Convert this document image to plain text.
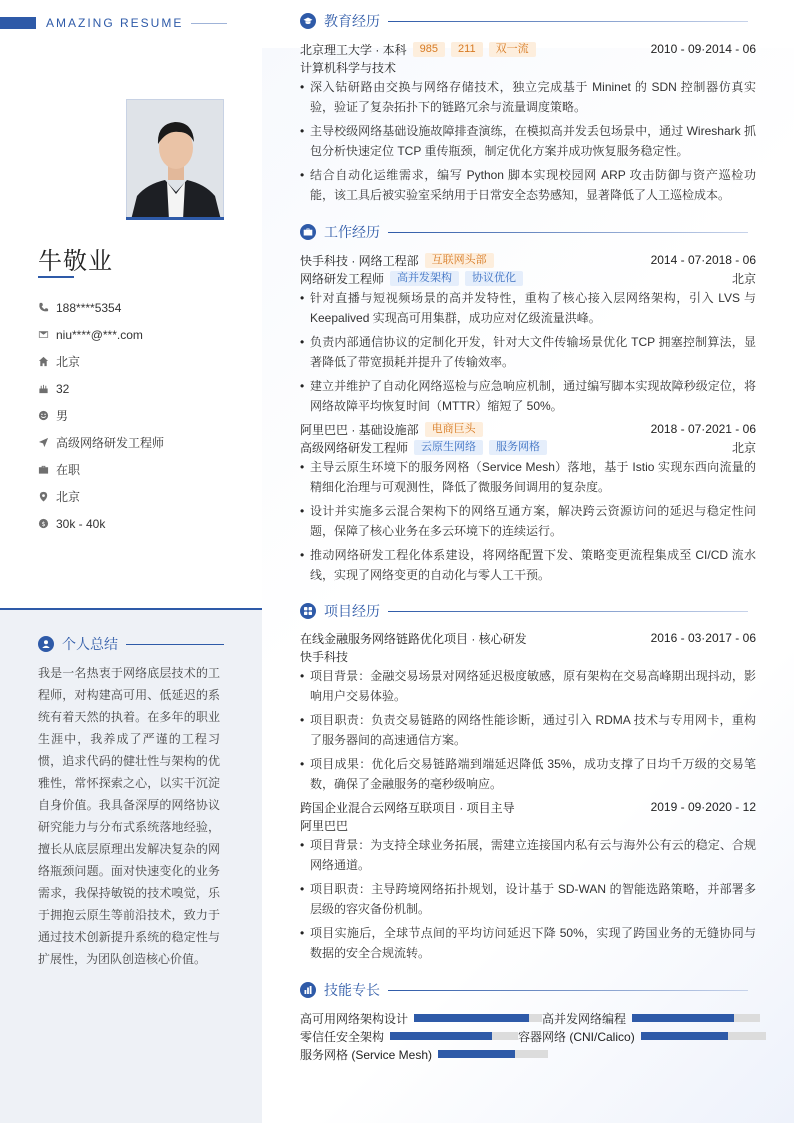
AMAZING RESUME
牛敬业
188****5354
niu****@***.com
北京
32
男
高级网络研发工程师
在职
北京
$ 30k - 40k
个人总结
我是一名热衷于网络底层技术的工程师，对构建高可用、低延迟的系统有着天然的执着。在多年的职业生涯中，我养成了严谨的工程习惯，追求代码的健壮性与架构的优雅性，常怀探索之心，以实干沉淀自身价值。我具备深厚的网络协议研究能力与分布式系统落地经验，擅长从底层原理出发解决复杂的网络瓶颈问题。面对快速变化的业务需求，我保持敏锐的技术嗅觉，乐于拥抱云原生等前沿技术，致力于通过技术创新提升系统的稳定性与扩展性，为团队创造核心价值。
教育经历
北京理工大学 · 本科	985	211	双一流	2010 - 09·2014 - 06
计算机科学与技术
• 深入钻研路由交换与网络存储技术，独立完成基于 Mininet 的 SDN 控制器仿真实验，验证了复杂拓扑下的链路冗余与流量调度策略。
• 主导校级网络基础设施故障排查演练，在模拟高并发丢包场景中，通过 Wireshark 抓包分析快速定位 TCP 重传瓶颈，制定优化方案并成功恢复服务稳定性。
• 结合自动化运维需求，编写 Python 脚本实现校园网 ARP 攻击防御与资产巡检功能，该工具后被实验室采纳用于日常安全态势感知，显著降低了人工巡检成本。
工作经历
快手科技 · 网络工程部	互联网头部	2014 - 07·2018 - 06
网络研发工程师	高并发架构	协议优化	北京
• 针对直播与短视频场景的高并发特性，重构了核心接入层网络架构，引入 LVS 与 Keepalived 实现高可用集群，成功应对亿级流量洪峰。
• 负责内部通信协议的定制化开发，针对大文件传输场景优化 TCP 拥塞控制算法，显著降低了带宽损耗并提升了传输效率。
• 建立并维护了自动化网络巡检与应急响应机制，通过编写脚本实现故障秒级定位，将网络故障平均恢复时间（MTTR）缩短了 50%。
阿里巴巴 · 基础设施部	电商巨头	2018 - 07·2021 - 06
高级网络研发工程师	云原生网络	服务网格	北京
• 主导云原生环境下的服务网格（Service Mesh）落地，基于 Istio 实现东西向流量的精细化治理与可观测性，降低了微服务间调用的复杂度。
• 设计并实施多云混合架构下的网络互通方案，解决跨云资源访问的延迟与稳定性问题，保障了核心业务在多云环境下的连续运行。
• 推动网络研发工程化体系建设，将网络配置下发、策略变更流程集成至 CI/CD 流水线，实现了网络变更的自动化与零人工干预。
项目经历
在线金融服务网络链路优化项目 · 核心研发	2016 - 03·2017 - 06
快手科技
• 项目背景：金融交易场景对网络延迟极度敏感，原有架构在交易高峰期出现抖动，影响用户交易体验。
• 项目职责：负责交易链路的网络性能诊断，通过引入 RDMA 技术与专用网卡，重构了服务器间的高速通信方案。
• 项目成果：优化后交易链路端到端延迟降低 35%，成功支撑了日均千万级的交易笔数，确保了金融服务的毫秒级响应。
跨国企业混合云网络互联项目 · 项目主导	2019 - 09·2020 - 12
阿里巴巴
• 项目背景：为支持全球业务拓展，需建立连接国内私有云与海外公有云的稳定、合规网络通道。
• 项目职责：主导跨境网络拓扑规划，设计基于 SD-WAN 的智能选路策略，并部署多层级的容灾备份机制。
• 项目实施后，全球节点间的平均访问延迟下降 50%，实现了跨国业务的无缝协同与数据的安全合规流转。
技能专长
高可用网络架构设计	高并发网络编程
零信任安全架构	容器网络 (CNI/Calico)
服务网格 (Service Mesh)
